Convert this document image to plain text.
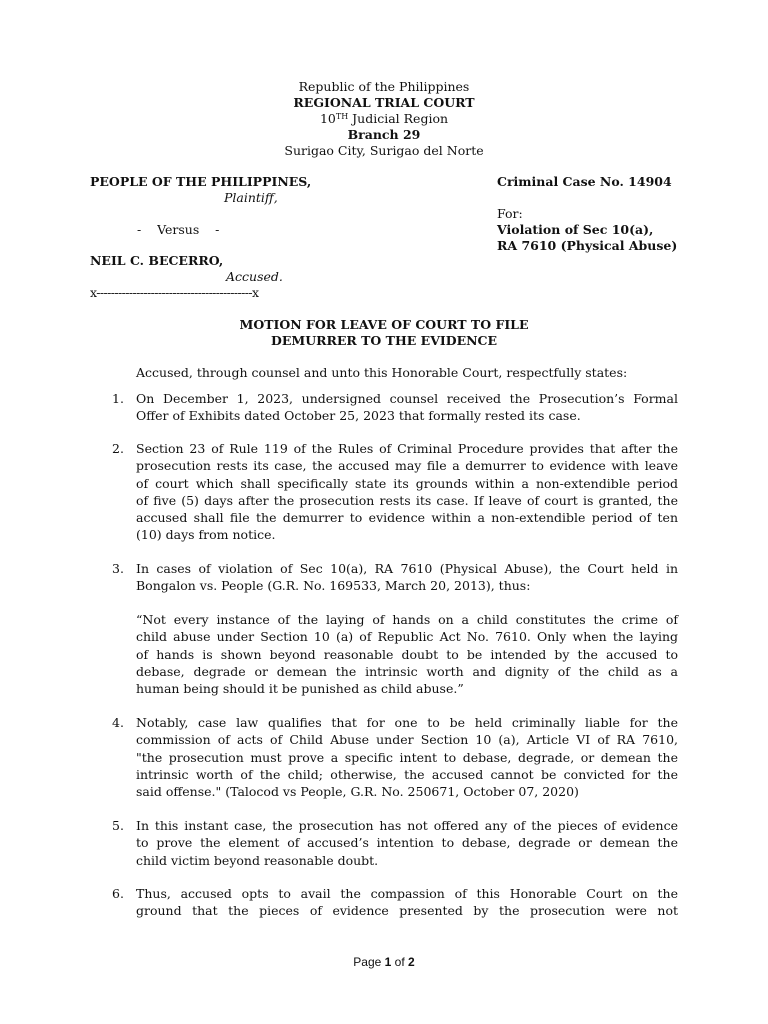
Republic of the Philippines
REGIONAL TRIAL COURT
10TH Judicial Region
Branch 29
Surigao City, Surigao del Norte
PEOPLE OF THE PHILIPPINES,
Plaintiff,
-    Versus    -
NEIL C. BECERRO,
Accused.
x-------------------------------------------x
Criminal Case No. 14904
For:
Violation of Sec 10(a),
RA 7610 (Physical Abuse)
MOTION FOR LEAVE OF COURT TO FILE
DEMURRER TO THE EVIDENCE
Accused, through counsel and unto this Honorable Court, respectfully states:
1. On December 1, 2023, undersigned counsel received the Prosecution’s Formal
Offer of Exhibits dated October 25, 2023 that formally rested its case.
2. Section 23 of Rule 119 of the Rules of Criminal Procedure provides that after the
prosecution rests its case, the accused may file a demurrer to evidence with leave
of court which shall specifically state its grounds within a non-extendible period
of five (5) days after the prosecution rests its case. If leave of court is granted, the
accused shall file the demurrer to evidence within a non-extendible period of ten
(10) days from notice.
3. In cases of violation of Sec 10(a), RA 7610 (Physical Abuse), the Court held in
Bongalon vs. People (G.R. No. 169533, March 20, 2013), thus:
“Not every instance of the laying of hands on a child constitutes the crime of
child abuse under Section 10 (a) of Republic Act No. 7610. Only when the laying
of hands is shown beyond reasonable doubt to be intended by the accused to
debase, degrade or demean the intrinsic worth and dignity of the child as a
human being should it be punished as child abuse.”
4. Notably, case law qualifies that for one to be held criminally liable for the
commission of acts of Child Abuse under Section 10 (a), Article VI of RA 7610,
"the prosecution must prove a specific intent to debase, degrade, or demean the
intrinsic worth of the child; otherwise, the accused cannot be convicted for the
said offense." (Talocod vs People, G.R. No. 250671, October 07, 2020)
5. In this instant case, the prosecution has not offered any of the pieces of evidence
to prove the element of accused’s intention to debase, degrade or demean the
child victim beyond reasonable doubt.
6. Thus, accused opts to avail the compassion of this Honorable Court on the
ground that the pieces of evidence presented by the prosecution were not
Page 1 of 2
